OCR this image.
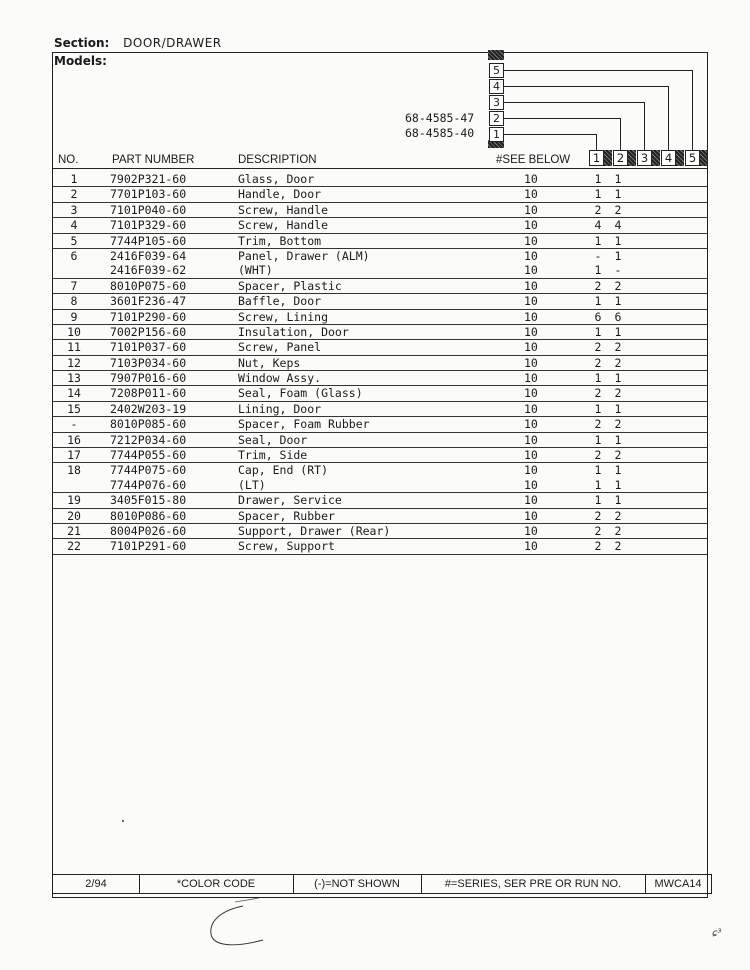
Section: DOOR/DRAWER
Models:
5
4
3
2
1
68-4585-47
68-4585-40
NO.	PART NUMBER	DESCRIPTION	#SEE BELOW	1	2	3	4	5
1	7902P321-60	Glass, Door	10	1 1
2	7701P103-60	Handle, Door	10	1 1
3	7101P040-60	Screw, Handle	10	2 2
4	7101P329-60	Screw, Handle	10	4 4
5	7744P105-60	Trim, Bottom	10	1 1
6	2416F039-64	Panel, Drawer (ALM)	10	- 1
2416F039-62	(WHT)	10	1 -
7	8010P075-60	Spacer, Plastic	10	2 2
8	3601F236-47	Baffle, Door	10	1 1
9	7101P290-60	Screw, Lining	10	6 6
10	7002P156-60	Insulation, Door	10	1 1
11	7101P037-60	Screw, Panel	10	2 2
12	7103P034-60	Nut, Keps	10	2 2
13	7907P016-60	Window Assy.	10	1 1
14	7208P011-60	Seal, Foam (Glass)	10	2 2
15	2402W203-19	Lining, Door	10	1 1
-	8010P085-60	Spacer, Foam Rubber	10	2 2
16	7212P034-60	Seal, Door	10	1 1
17	7744P055-60	Trim, Side	10	2 2
18	7744P075-60	Cap, End (RT)	10	1 1
7744P076-60	(LT)	10	1 1
19	3405F015-80	Drawer, Service	10	1 1
20	8010P086-60	Spacer, Rubber	10	2 2
21	8004P026-60	Support, Drawer (Rear)	10	2 2
22	7101P291-60	Screw, Support	10	2 2
2/94	*COLOR CODE	(-)=NOT SHOWN	#=SERIES, SER PRE OR RUN NO.	MWCA14
ɕ³
